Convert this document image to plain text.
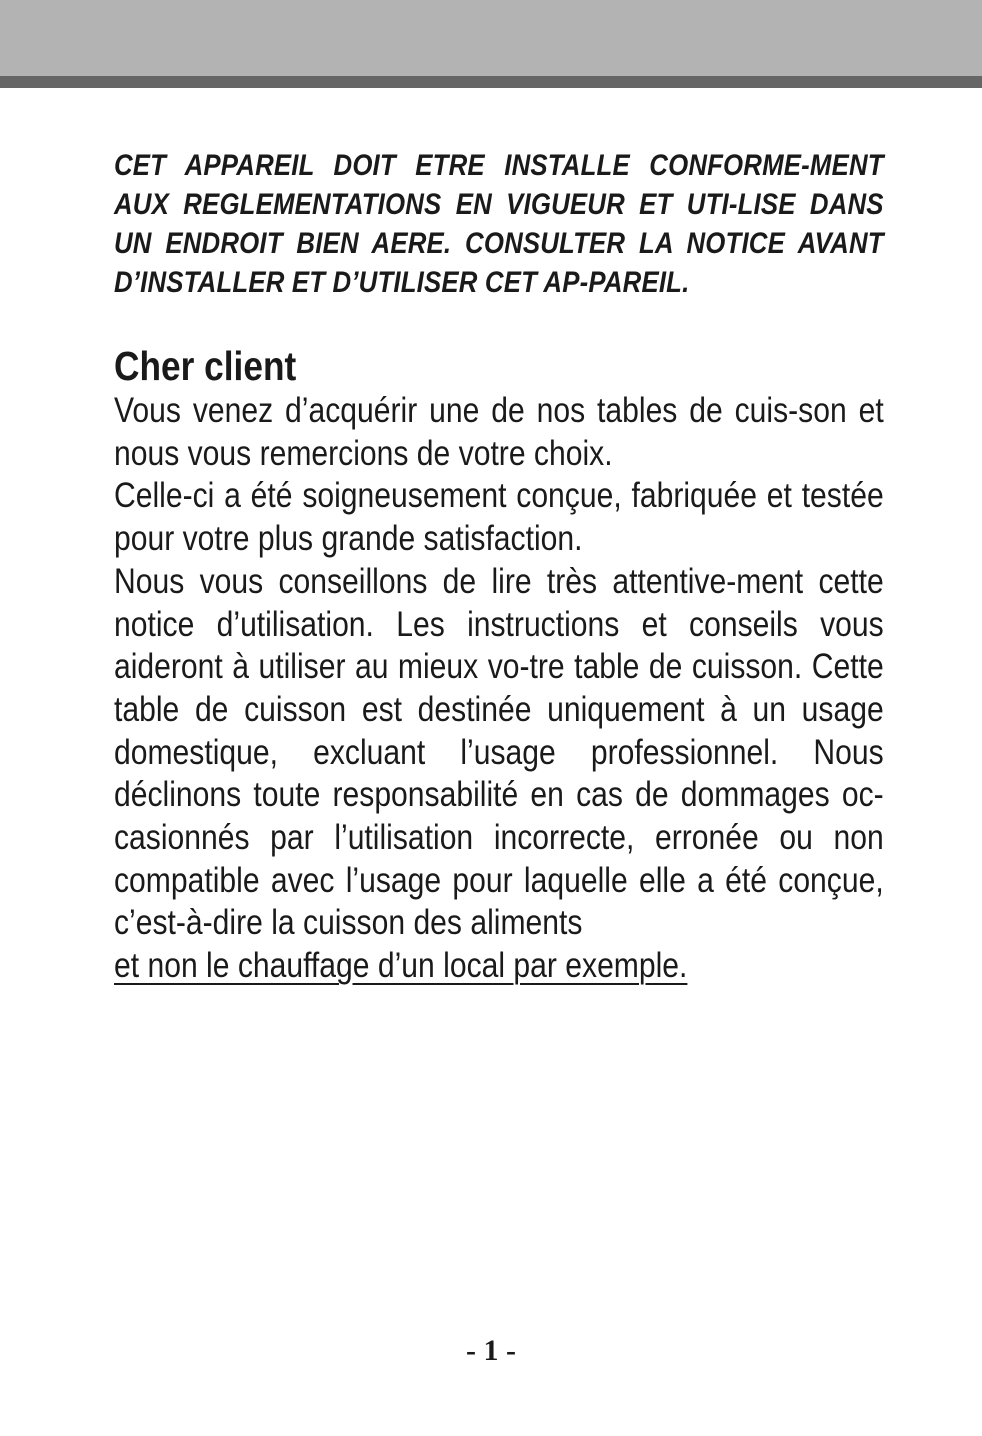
CET APPAREIL DOIT ETRE INSTALLE CONFORME-MENT AUX REGLEMENTATIONS EN VIGUEUR ET UTI-LISE DANS UN ENDROIT BIEN AERE. CONSULTER LA NOTICE AVANT D’INSTALLER ET D’UTILISER CET AP-PAREIL.

Cher client

Vous venez d’acquérir une de nos tables de cuis-son et nous vous remercions de votre choix.
Celle-ci a été soigneusement conçue, fabriquée et testée pour votre plus grande satisfaction.
Nous vous conseillons de lire très attentive-ment cette notice d’utilisation. Les instructions et conseils vous aideront à utiliser au mieux vo-tre table de cuisson. Cette table de cuisson est destinée uniquement à un usage domestique, excluant l’usage professionnel. Nous déclinons toute responsabilité en cas de dommages oc-casionnés par l’utilisation incorrecte, erronée ou non compatible avec l’usage pour laquelle elle a été conçue, c’est-à-dire la cuisson des aliments
et non le chauffage d’un local par exemple.

- 1 -
